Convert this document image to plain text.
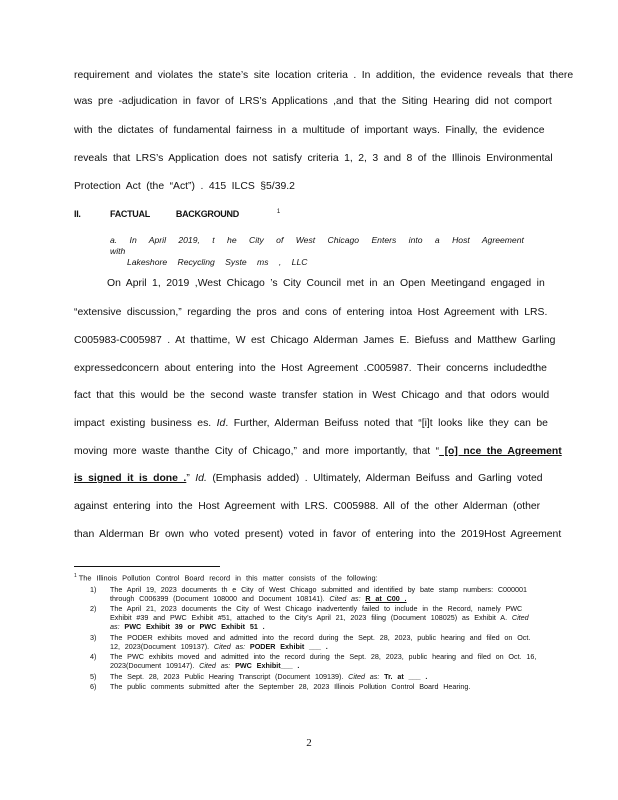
requirement and violates the state’s site location criteria . In addition, the evidence reveals that there
was pre -adjudication in favor of LRS’s Applications ,and that the Siting Hearing did not comport
with the dictates of fundamental fairness in a multitude of important ways. Finally, the evidence
reveals that LRS’s Application does not satisfy criteria 1, 2, 3 and 8 of the Illinois Environmental
Protection Act (the “Act”) . 415 ILCS §5/39.2
II.	FACTUAL	BACKGROUND	$^1$
a. In April 2019, t he City of West Chicago Enters into a Host Agreement with
Lakeshore Recycling Syste ms , LLC
On April 1, 2019 ,West Chicago ’s City Council met in an Open Meetingand engaged in
“extensive discussion,” regarding the pros and cons of entering intoa Host Agreement with LRS.
C005983-C005987 . At thattime, W est Chicago Alderman James E. Biefuss and Matthew Garling
expressedconcern about entering into the Host Agreement .C005987. Their concerns includedthe
fact that this would be the second waste transfer station in West Chicago and that odors would
impact existing business es. Id. Further, Alderman Beifuss noted that “[i]t looks like they can be
moving more waste thanthe City of Chicago,” and more importantly, that “ [o] nce the Agreement
is signed it is done .” Id. (Emphasis added) . Ultimately, Alderman Beifuss and Garling voted
against entering into the Host Agreement with LRS. C005988. All of the other Alderman (other
than Alderman Br own who voted present) voted in favor of entering into the 2019Host Agreement
$^1$ The Illinois Pollution Control Board record in this matter consists of the following:
1) The April 19, 2023 documents th e City of West Chicago submitted and identified by bate stamp numbers: C000001 through C006399 (Document 108000 and Document 108141). Cited as: R at C00 .
2) The April 21, 2023 documents the City of West Chicago inadvertently failed to include in the Record, namely PWC Exhibit #39 and PWC Exhibit #51, attached to the City’s April 21, 2023 filing (Document 108025) as Exhibit A. Cited as: PWC Exhibit 39 or PWC Exhibit 51 .
3) The PODER exhibits moved and admitted into the record during the Sept. 28, 2023, public hearing and filed on Oct. 12, 2023(Document 109137). Cited as: PODER Exhibit ___ .
4) The PWC exhibits moved and admitted into the record during the Sept. 28, 2023, public hearing and filed on Oct. 16, 2023(Document 109147). Cited as: PWC Exhibit___ .
5) The Sept. 28, 2023 Public Hearing Transcript (Document 109139). Cited as: Tr. at ___ .
6) The public comments submitted after the September 28, 2023 Illinois Pollution Control Board Hearing.
2
